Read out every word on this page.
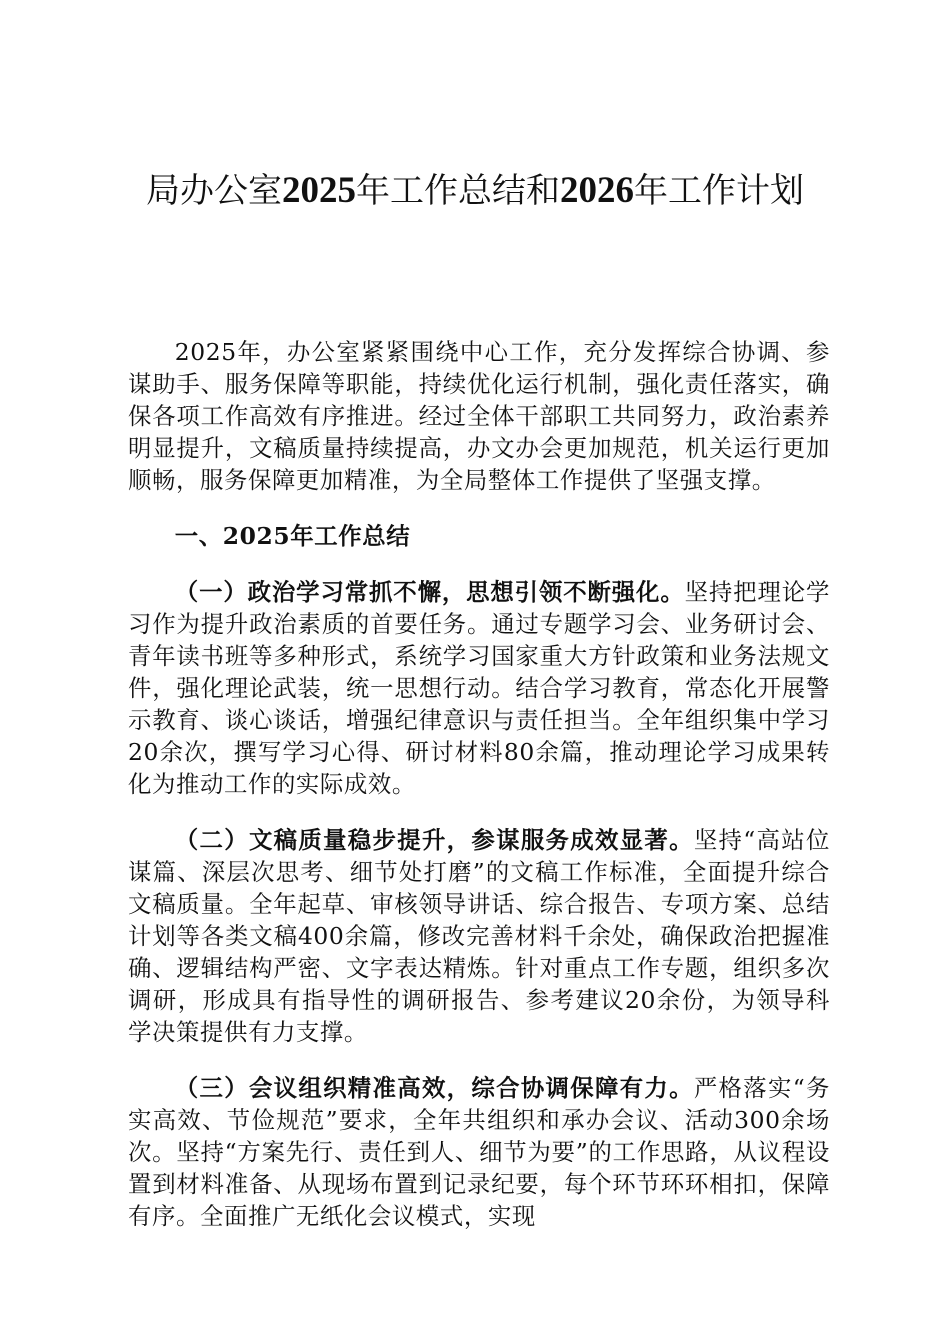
局办公室2025年工作总结和2026年工作计划

2025年，办公室紧紧围绕中心工作，充分发挥综合协调、参谋助手、服务保障等职能，持续优化运行机制，强化责任落实，确保各项工作高效有序推进。经过全体干部职工共同努力，政治素养明显提升，文稿质量持续提高，办文办会更加规范，机关运行更加顺畅，服务保障更加精准，为全局整体工作提供了坚强支撑。

一、2025年工作总结

（一）政治学习常抓不懈，思想引领不断强化。坚持把理论学习作为提升政治素质的首要任务。通过专题学习会、业务研讨会、青年读书班等多种形式，系统学习国家重大方针政策和业务法规文件，强化理论武装，统一思想行动。结合学习教育，常态化开展警示教育、谈心谈话，增强纪律意识与责任担当。全年组织集中学习20余次，撰写学习心得、研讨材料80余篇，推动理论学习成果转化为推动工作的实际成效。

（二）文稿质量稳步提升，参谋服务成效显著。坚持“高站位谋篇、深层次思考、细节处打磨”的文稿工作标准，全面提升综合文稿质量。全年起草、审核领导讲话、综合报告、专项方案、总结计划等各类文稿400余篇，修改完善材料千余处，确保政治把握准确、逻辑结构严密、文字表达精炼。针对重点工作专题，组织多次调研，形成具有指导性的调研报告、参考建议20余份，为领导科学决策提供有力支撑。

（三）会议组织精准高效，综合协调保障有力。严格落实“务实高效、节俭规范”要求，全年共组织和承办会议、活动300余场次。坚持“方案先行、责任到人、细节为要”的工作思路，从议程设置到材料准备、从现场布置到记录纪要，每个环节环环相扣，保障有序。全面推广无纸化会议模式，实现
